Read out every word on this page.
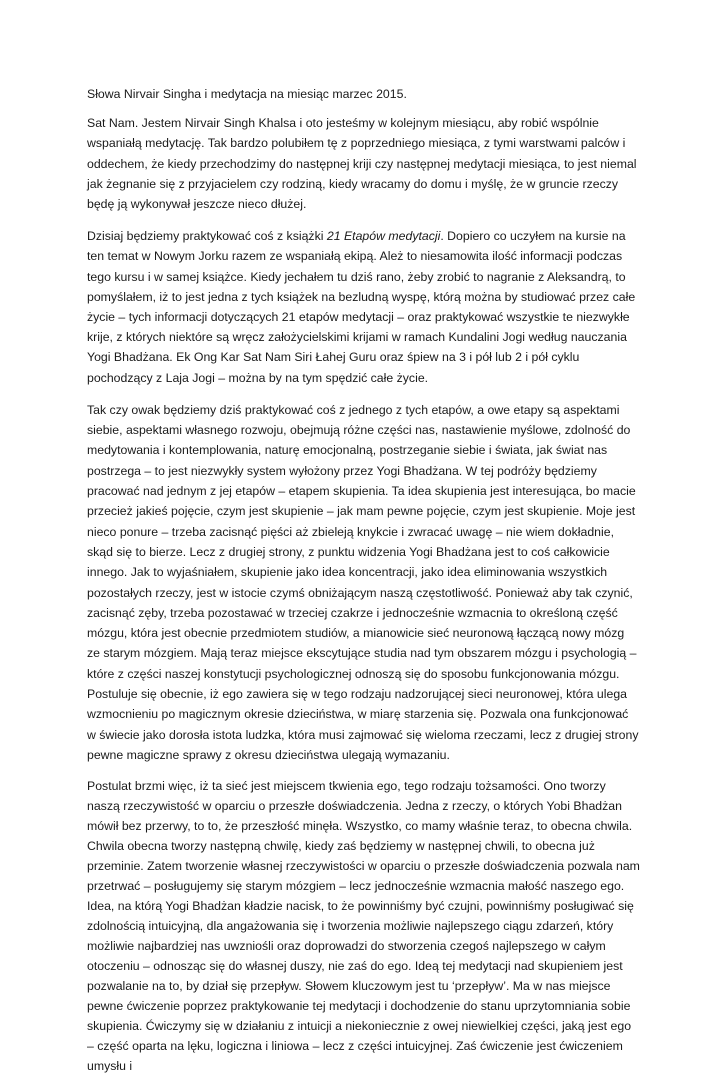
Słowa Nirvair Singha i medytacja na miesiąc marzec 2015.

Sat Nam. Jestem Nirvair Singh Khalsa i oto jesteśmy w kolejnym miesiącu, aby robić wspólnie wspaniałą medytację. Tak bardzo polubiłem tę z poprzedniego miesiąca, z tymi warstwami palców i oddechem, że kiedy przechodzimy do następnej kriji czy następnej medytacji miesiąca, to jest niemal jak żegnanie się z przyjacielem czy rodziną, kiedy wracamy do domu i myślę, że w gruncie rzeczy będę ją wykonywał jeszcze nieco dłużej.

Dzisiaj będziemy praktykować coś z książki 21 Etapów medytacji. Dopiero co uczyłem na kursie na ten temat w Nowym Jorku razem ze wspaniałą ekipą. Ależ to niesamowita ilość informacji podczas tego kursu i w samej książce. Kiedy jechałem tu dziś rano, żeby zrobić to nagranie z Aleksandrą, to pomyślałem, iż to jest jedna z tych książek na bezludną wyspę, którą można by studiować przez całe życie – tych informacji dotyczących 21 etapów medytacji – oraz praktykować wszystkie te niezwykłe krije, z których niektóre są wręcz założycielskimi krijami w ramach Kundalini Jogi według nauczania Yogi Bhadżana. Ek Ong Kar Sat Nam Siri Łahej Guru oraz śpiew na 3 i pół lub 2 i pół cyklu pochodzący z Laja Jogi – można by na tym spędzić całe życie.

Tak czy owak będziemy dziś praktykować coś z jednego z tych etapów, a owe etapy są aspektami siebie, aspektami własnego rozwoju, obejmują różne części nas, nastawienie myślowe, zdolność do medytowania i kontemplowania, naturę emocjonalną, postrzeganie siebie i świata, jak świat nas postrzega – to jest niezwykły system wyłożony przez Yogi Bhadżana. W tej podróży będziemy pracować nad jednym z jej etapów – etapem skupienia. Ta idea skupienia jest interesująca, bo macie przecież jakieś pojęcie, czym jest skupienie – jak mam pewne pojęcie, czym jest skupienie. Moje jest nieco ponure – trzeba zacisnąć pięści aż zbieleją knykcie i zwracać uwagę – nie wiem dokładnie, skąd się to bierze. Lecz z drugiej strony, z punktu widzenia Yogi Bhadżana jest to coś całkowicie innego. Jak to wyjaśniałem, skupienie jako idea koncentracji, jako idea eliminowania wszystkich pozostałych rzeczy, jest w istocie czymś obniżającym naszą częstotliwość. Ponieważ aby tak czynić, zacisnąć zęby, trzeba pozostawać w trzeciej czakrze i jednocześnie wzmacnia to określoną część mózgu, która jest obecnie przedmiotem studiów, a mianowicie sieć neuronową łączącą nowy mózg ze starym mózgiem. Mają teraz miejsce ekscytujące studia nad tym obszarem mózgu i psychologią – które z części naszej konstytucji psychologicznej odnoszą się do sposobu funkcjonowania mózgu. Postuluje się obecnie, iż ego zawiera się w tego rodzaju nadzorującej sieci neuronowej, która ulega wzmocnieniu po magicznym okresie dzieciństwa, w miarę starzenia się. Pozwala ona funkcjonować w świecie jako dorosła istota ludzka, która musi zajmować się wieloma rzeczami, lecz z drugiej strony pewne magiczne sprawy z okresu dzieciństwa ulegają wymazaniu.

Postulat brzmi więc, iż ta sieć jest miejscem tkwienia ego, tego rodzaju tożsamości. Ono tworzy naszą rzeczywistość w oparciu o przeszłe doświadczenia. Jedna z rzeczy, o których Yobi Bhadżan mówił bez przerwy, to to, że przeszłość minęła. Wszystko, co mamy właśnie teraz, to obecna chwila. Chwila obecna tworzy następną chwilę, kiedy zaś będziemy w następnej chwili, to obecna już przeminie. Zatem tworzenie własnej rzeczywistości w oparciu o przeszłe doświadczenia pozwala nam przetrwać – posługujemy się starym mózgiem – lecz jednocześnie wzmacnia małość naszego ego. Idea, na którą Yogi Bhadżan kładzie nacisk, to że powinniśmy być czujni, powinniśmy posługiwać się zdolnością intuicyjną, dla angażowania się i tworzenia możliwie najlepszego ciągu zdarzeń, który możliwie najbardziej nas uwzniośli oraz doprowadzi do stworzenia czegoś najlepszego w całym otoczeniu – odnosząc się do własnej duszy, nie zaś do ego. Ideą tej medytacji nad skupieniem jest pozwalanie na to, by dział się przepływ. Słowem kluczowym jest tu ‘przepływ’. Ma w nas miejsce pewne ćwiczenie poprzez praktykowanie tej medytacji i dochodzenie do stanu uprzytomniania sobie skupienia. Ćwiczymy się w działaniu z intuicji a niekoniecznie z owej niewielkiej części, jaką jest ego – część oparta na lęku, logiczna i liniowa – lecz z części intuicyjnej. Zaś ćwiczenie jest ćwiczeniem umysłu i
